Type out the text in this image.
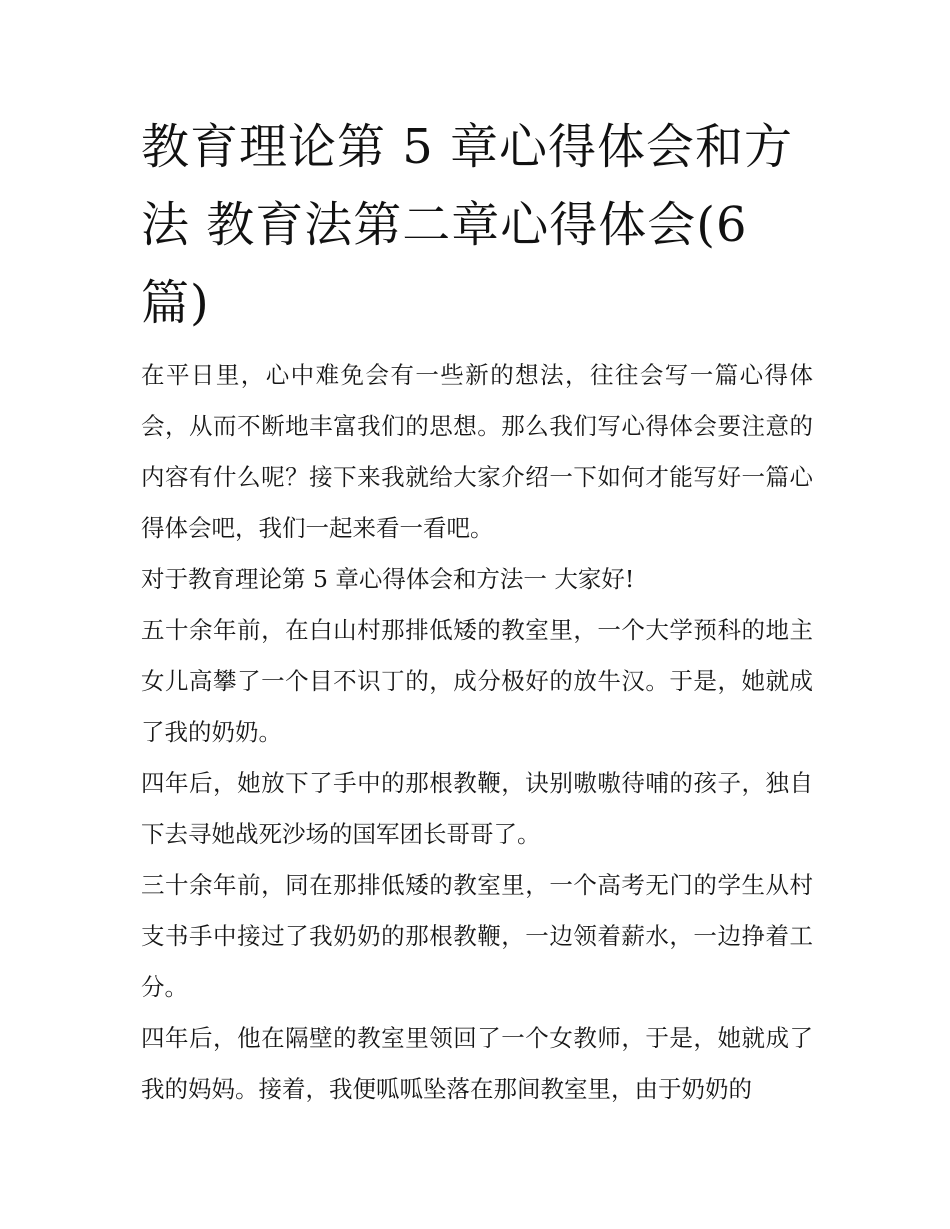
教育理论第 5 章心得体会和方法 教育法第二章心得体会(6 篇)

在平日里，心中难免会有一些新的想法，往往会写一篇心得体会，从而不断地丰富我们的思想。那么我们写心得体会要注意的内容有什么呢？接下来我就给大家介绍一下如何才能写好一篇心得体会吧，我们一起来看一看吧。

对于教育理论第 5 章心得体会和方法一 大家好!

五十余年前，在白山村那排低矮的教室里，一个大学预科的地主女儿高攀了一个目不识丁的，成分极好的放牛汉。于是，她就成了我的奶奶。

四年后，她放下了手中的那根教鞭，诀别嗷嗷待哺的孩子，独自下去寻她战死沙场的国军团长哥哥了。

三十余年前，同在那排低矮的教室里，一个高考无门的学生从村支书手中接过了我奶奶的那根教鞭，一边领着薪水，一边挣着工分。

四年后，他在隔壁的教室里领回了一个女教师，于是，她就成了我的妈妈。接着，我便呱呱坠落在那间教室里，由于奶奶的
